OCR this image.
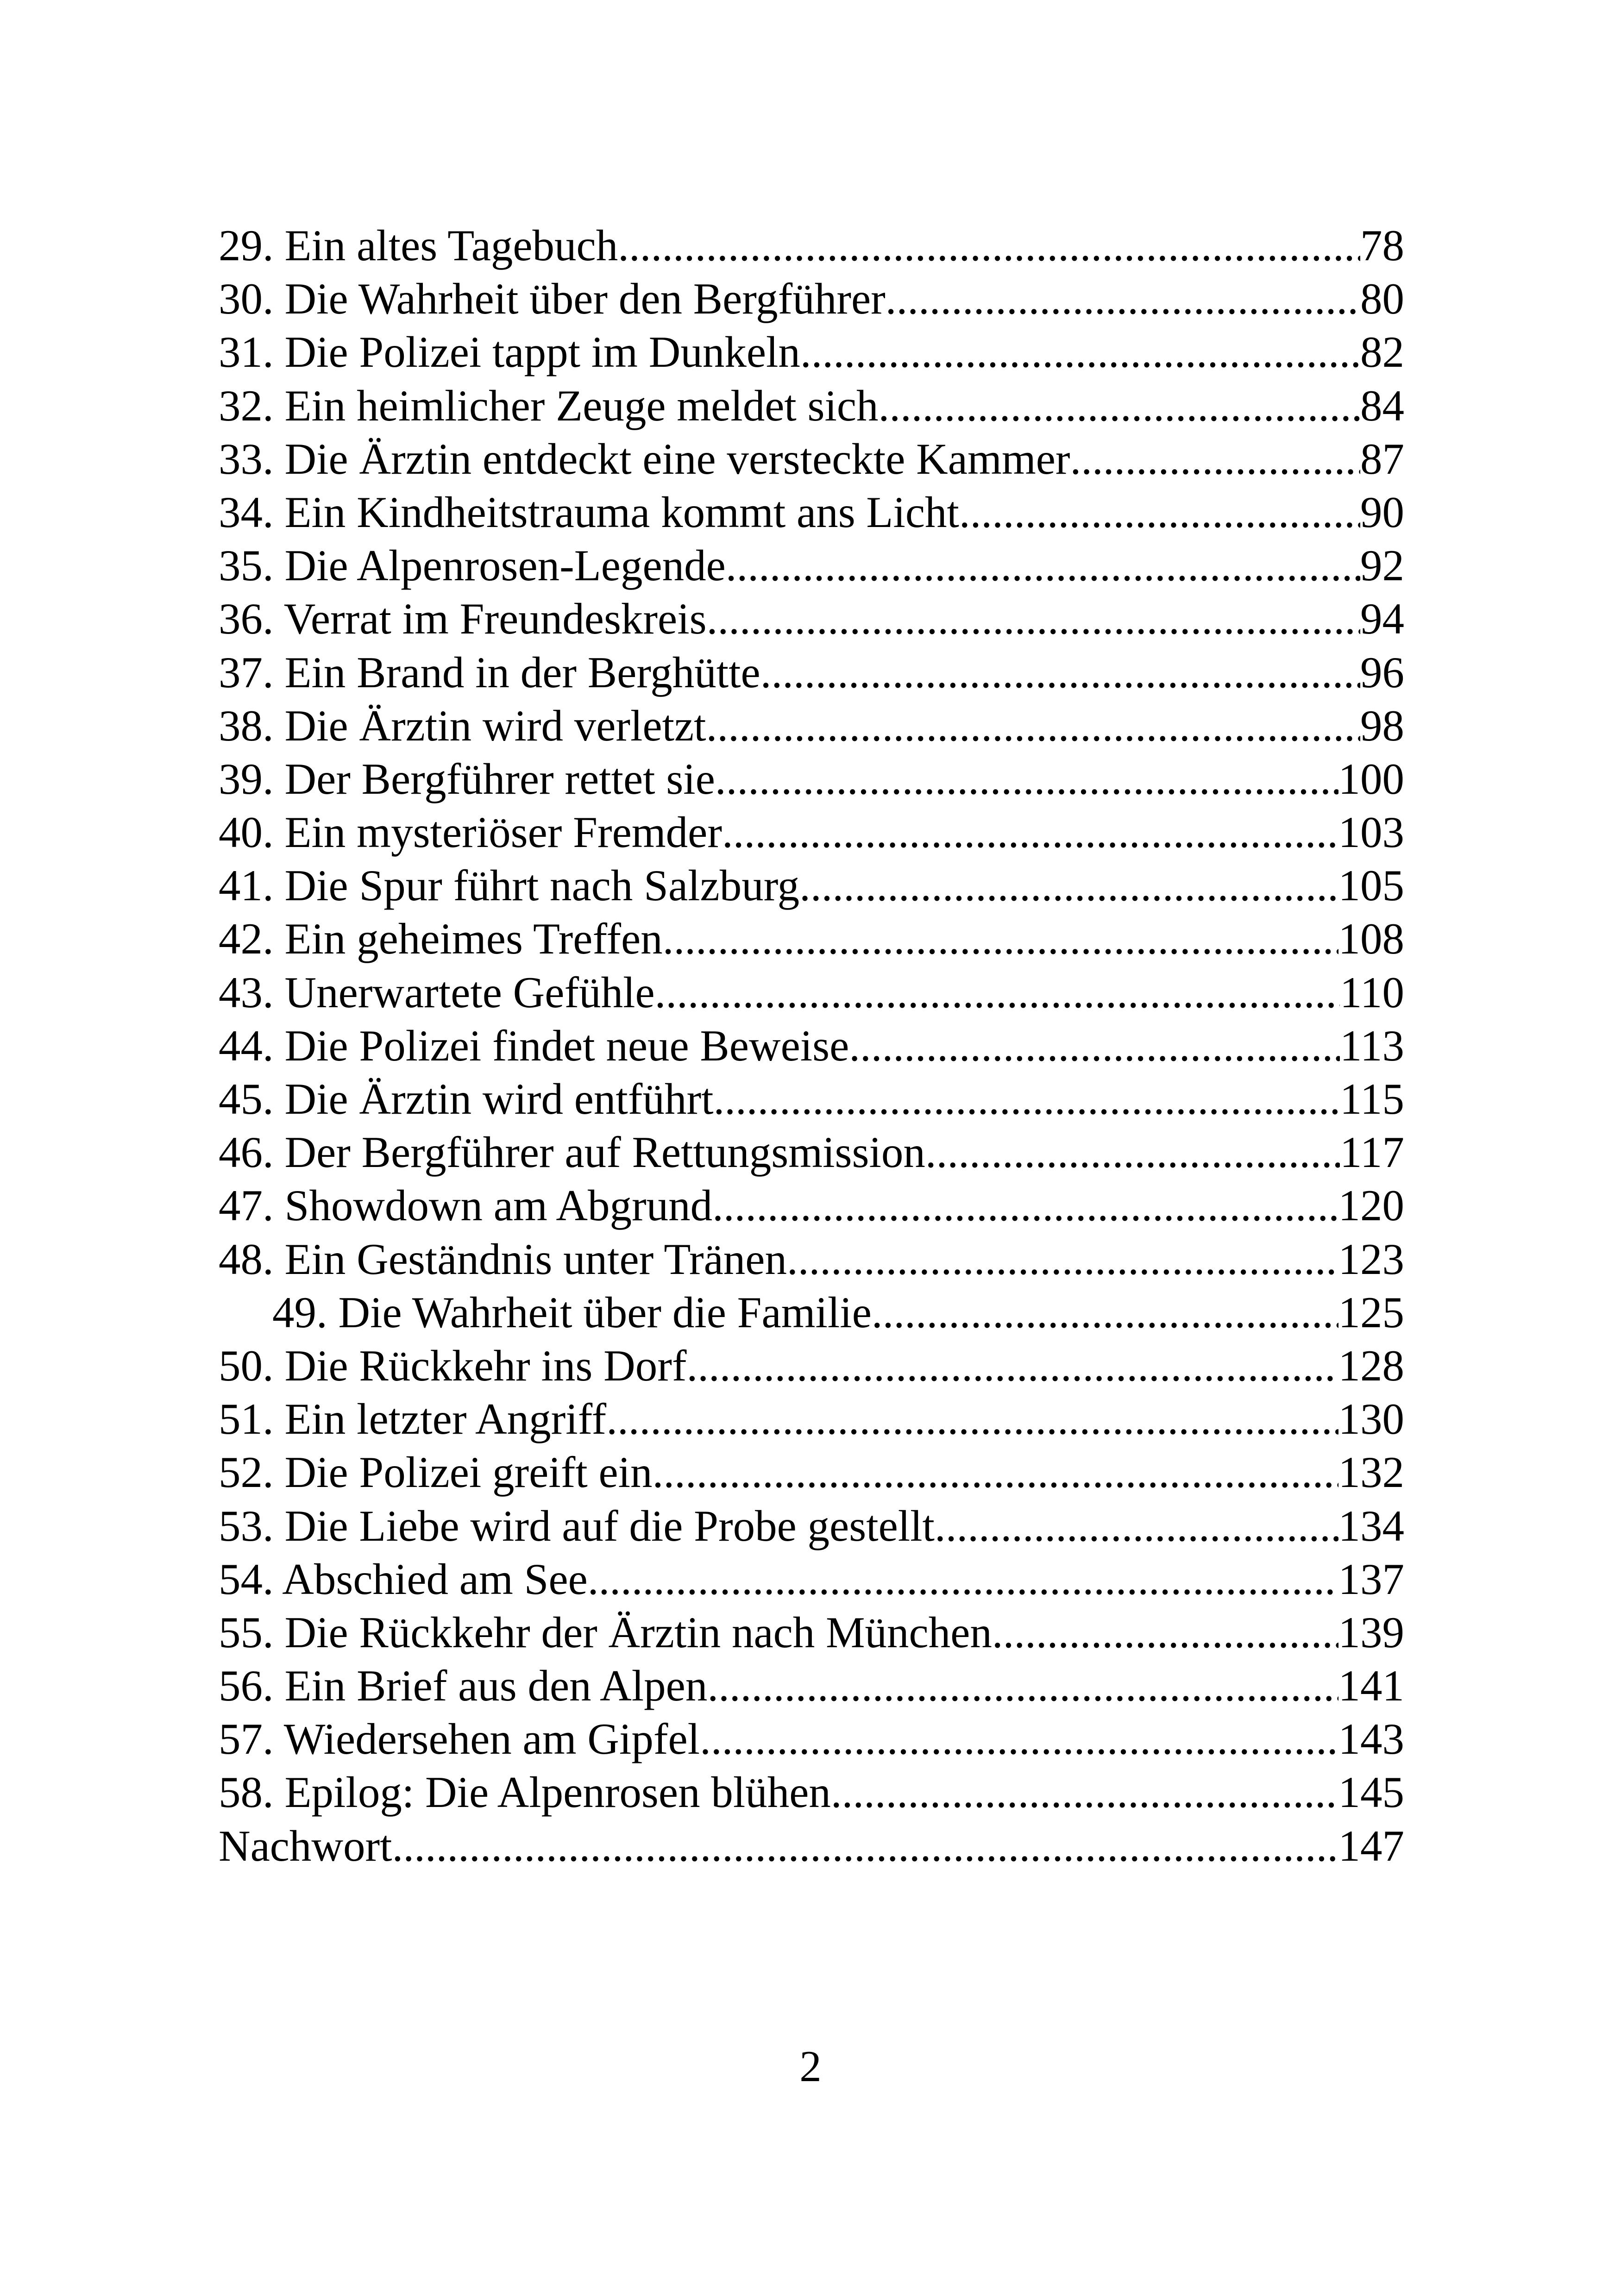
29. Ein altes Tagebuch .....	78
30. Die Wahrheit über den Bergführer .....	80
31. Die Polizei tappt im Dunkeln .....	82
32. Ein heimlicher Zeuge meldet sich .....	84
33. Die Ärztin entdeckt eine versteckte Kammer .....	87
34. Ein Kindheitstrauma kommt ans Licht .....	90
35. Die Alpenrosen-Legende .....	92
36. Verrat im Freundeskreis .....	94
37. Ein Brand in der Berghütte .....	96
38. Die Ärztin wird verletzt .....	98
39. Der Bergführer rettet sie .....	100
40. Ein mysteriöser Fremder .....	103
41. Die Spur führt nach Salzburg .....	105
42. Ein geheimes Treffen .....	108
43. Unerwartete Gefühle .....	110
44. Die Polizei findet neue Beweise .....	113
45. Die Ärztin wird entführt .....	115
46. Der Bergführer auf Rettungsmission .....	117
47. Showdown am Abgrund .....	120
48. Ein Geständnis unter Tränen .....	123
49. Die Wahrheit über die Familie .....	125
50. Die Rückkehr ins Dorf .....	128
51. Ein letzter Angriff .....	130
52. Die Polizei greift ein .....	132
53. Die Liebe wird auf die Probe gestellt .....	134
54. Abschied am See .....	137
55. Die Rückkehr der Ärztin nach München .....	139
56. Ein Brief aus den Alpen .....	141
57. Wiedersehen am Gipfel .....	143
58. Epilog: Die Alpenrosen blühen .....	145
Nachwort .....	147
2
